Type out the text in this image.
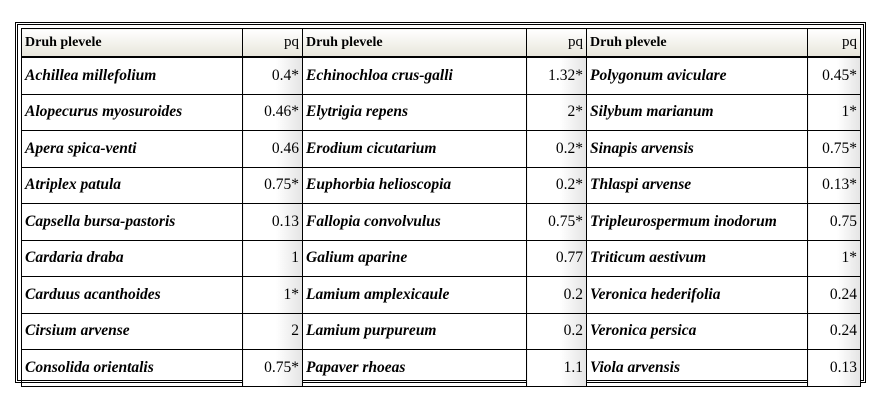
Druh plevele	pq	Druh plevele	pq	Druh plevele	pq
Achillea millefolium	0.4*	Echinochloa crus-galli	1.32*	Polygonum aviculare	0.45*
Alopecurus myosuroides	0.46*	Elytrigia repens	2*	Silybum marianum	1*
Apera spica-venti	0.46	Erodium cicutarium	0.2*	Sinapis arvensis	0.75*
Atriplex patula	0.75*	Euphorbia helioscopia	0.2*	Thlaspi arvense	0.13*
Capsella bursa-pastoris	0.13	Fallopia convolvulus	0.75*	Tripleurospermum inodorum	0.75
Cardaria draba	1	Galium aparine	0.77	Triticum aestivum	1*
Carduus acanthoides	1*	Lamium amplexicaule	0.2	Veronica hederifolia	0.24
Cirsium arvense	2	Lamium purpureum	0.2	Veronica persica	0.24
Consolida orientalis	0.75*	Papaver rhoeas	1.1	Viola arvensis	0.13
